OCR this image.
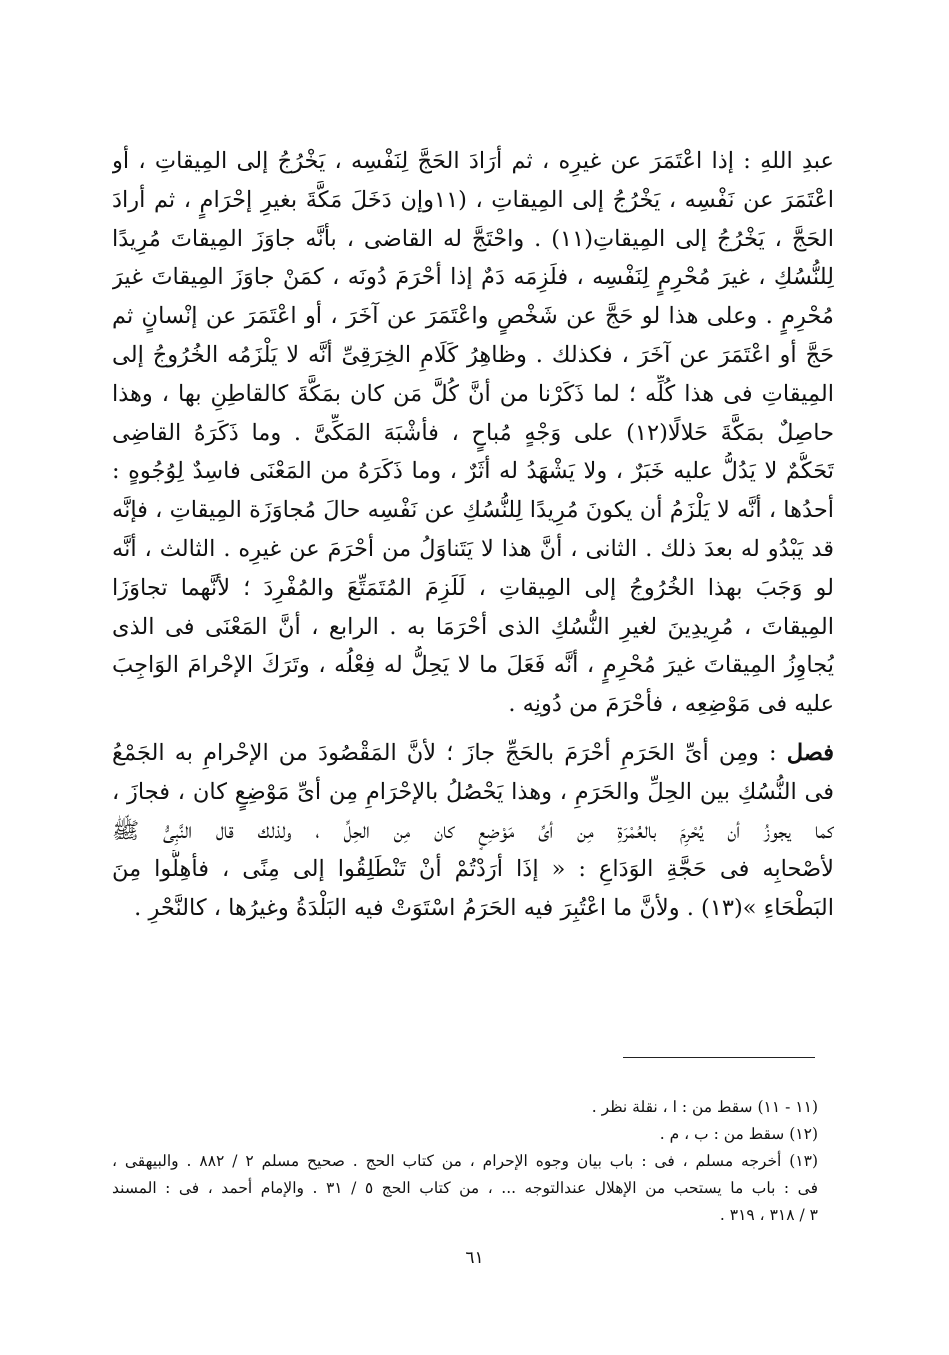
عبدِ اللهِ : إذا اعْتَمَرَ عن غيرِه ، ثم أرَادَ الحَجَّ لِنَفْسِه ، يَخْرُجُ إلى المِيقاتِ ، أو
اعْتَمَرَ عن نَفْسِه ، يَخْرُجُ إلى المِيقاتِ ، (١١وإن دَخَلَ مَكَّةَ بغيرِ إحْرَامٍ ، ثم أرادَ
الحَجَّ ، يَخْرُجُ إلى المِيقاتِ(١١) . واحْتَجَّ له القاضى ، بأنَّه جاوَزَ المِيقاتَ مُرِيدًا
لِلنُّسُكِ ، غيرَ مُحْرِمٍ لِنَفْسِه ، فلَزِمَه دَمٌ إذا أحْرَمَ دُونَه ، كمَنْ جاوَزَ المِيقاتَ غيرَ
مُحْرِمٍ . وعلى هذا لو حَجَّ عن شَخْصٍ واعْتَمَرَ عن آخَرَ ، أو اعْتَمَرَ عن إنْسانٍ ثم
حَجَّ أو اعْتَمَرَ عن آخَرَ ، فكذلك . وظاهِرُ كَلَامِ الخِرَقِىِّ أنَّه لا يَلْزَمُه الخُرُوجُ إلى
المِيقاتِ فى هذا كُلِّه ؛ لما ذَكَرْنا من أنَّ كُلَّ مَن كان بمَكَّةَ كالقاطِنِ بها ، وهذا
حاصِلٌ بمَكَّةَ حَلالًا(١٢) على وَجْهٍ مُباحٍ ، فأشْبَهَ المَكِّىَّ . وما ذَكَرَهُ القاضِى
تَحَكُّمٌ لا يَدُلُّ عليه خَبَرٌ ، ولا يَشْهَدُ له أثَرٌ ، وما ذَكَرَهُ من المَعْنَى فاسِدٌ لِوُجُوهٍ :
أحدُها ، أنَّه لا يَلْزَمُ أن يكونَ مُرِيدًا لِلنُّسُكِ عن نَفْسِه حالَ مُجاوَزَة المِيقاتِ ، فإنَّه
قد يَبْدُو له بعدَ ذلك . الثانى ، أنَّ هذا لا يَتَناوَلُ من أحْرَمَ عن غيرِه . الثالث ، أنَّه
لو وَجَبَ بهذا الخُرُوجُ إلى المِيقاتِ ، لَلَزِمَ المُتَمَتِّعَ والمُفْرِدَ ؛ لأنَّهما تجاوَزَا
المِيقاتَ ، مُرِيدِينَ لغيرِ النُّسُكِ الذى أحْرَمَا به . الرابع ، أنَّ المَعْنَى فى الذى
يُجاوِزُ المِيقاتَ غيرَ مُحْرِمٍ ، أنَّه فَعَلَ ما لا يَحِلُّ له فِعْلُه ، وتَرَكَ الإحْرامَ الوَاجِبَ
عليه فى مَوْضِعِه ، فأحْرَمَ من دُونِه .
فصل : ومِن أىِّ الحَرَمِ أحْرَمَ بالحَجِّ جازَ ؛ لأنَّ المَقْصُودَ من الإحْرامِ به الجَمْعُ
فى النُّسُكِ بين الحِلِّ والحَرَمِ ، وهذا يَحْصُلُ بالإحْرَامِ مِن أىِّ مَوْضِعٍ كان ، فجازَ ،
كما يجوزُ أن يُحْرِمَ بالعُمْرَةِ مِن أىِّ مَوْضِعٍ كان مِن الحِلِّ ، ولذلك قال النَّبِىُّ ﷺ
لأصْحابِه فى حَجَّةِ الوَدَاعِ : « إذَا أرَدْتُمْ أنْ تَنْطَلِقُوا إلى مِنًى ، فأهِلُّوا مِنَ
البَطْحَاءِ »(١٣) . ولأنَّ ما اعْتُبِرَ فيه الحَرَمُ اسْتَوَتْ فيه البَلْدَةُ وغيرُها ، كالنَّحْرِ .
(١١ - ١١) سقط من : ا ، نقلة نظر .
(١٢) سقط من : ب ، م .
(١٣) أخرجه مسلم ، فى : باب بيان وجوه الإحرام ، من كتاب الحج . صحيح مسلم ٢ / ٨٨٢ . والبيهقى ،
فى : باب ما يستحب من الإهلال عندالتوجه ... ، من كتاب الحج ٥ / ٣١ . والإمام أحمد ، فى : المسند
٣ / ٣١٨ ، ٣١٩ .
٦١
